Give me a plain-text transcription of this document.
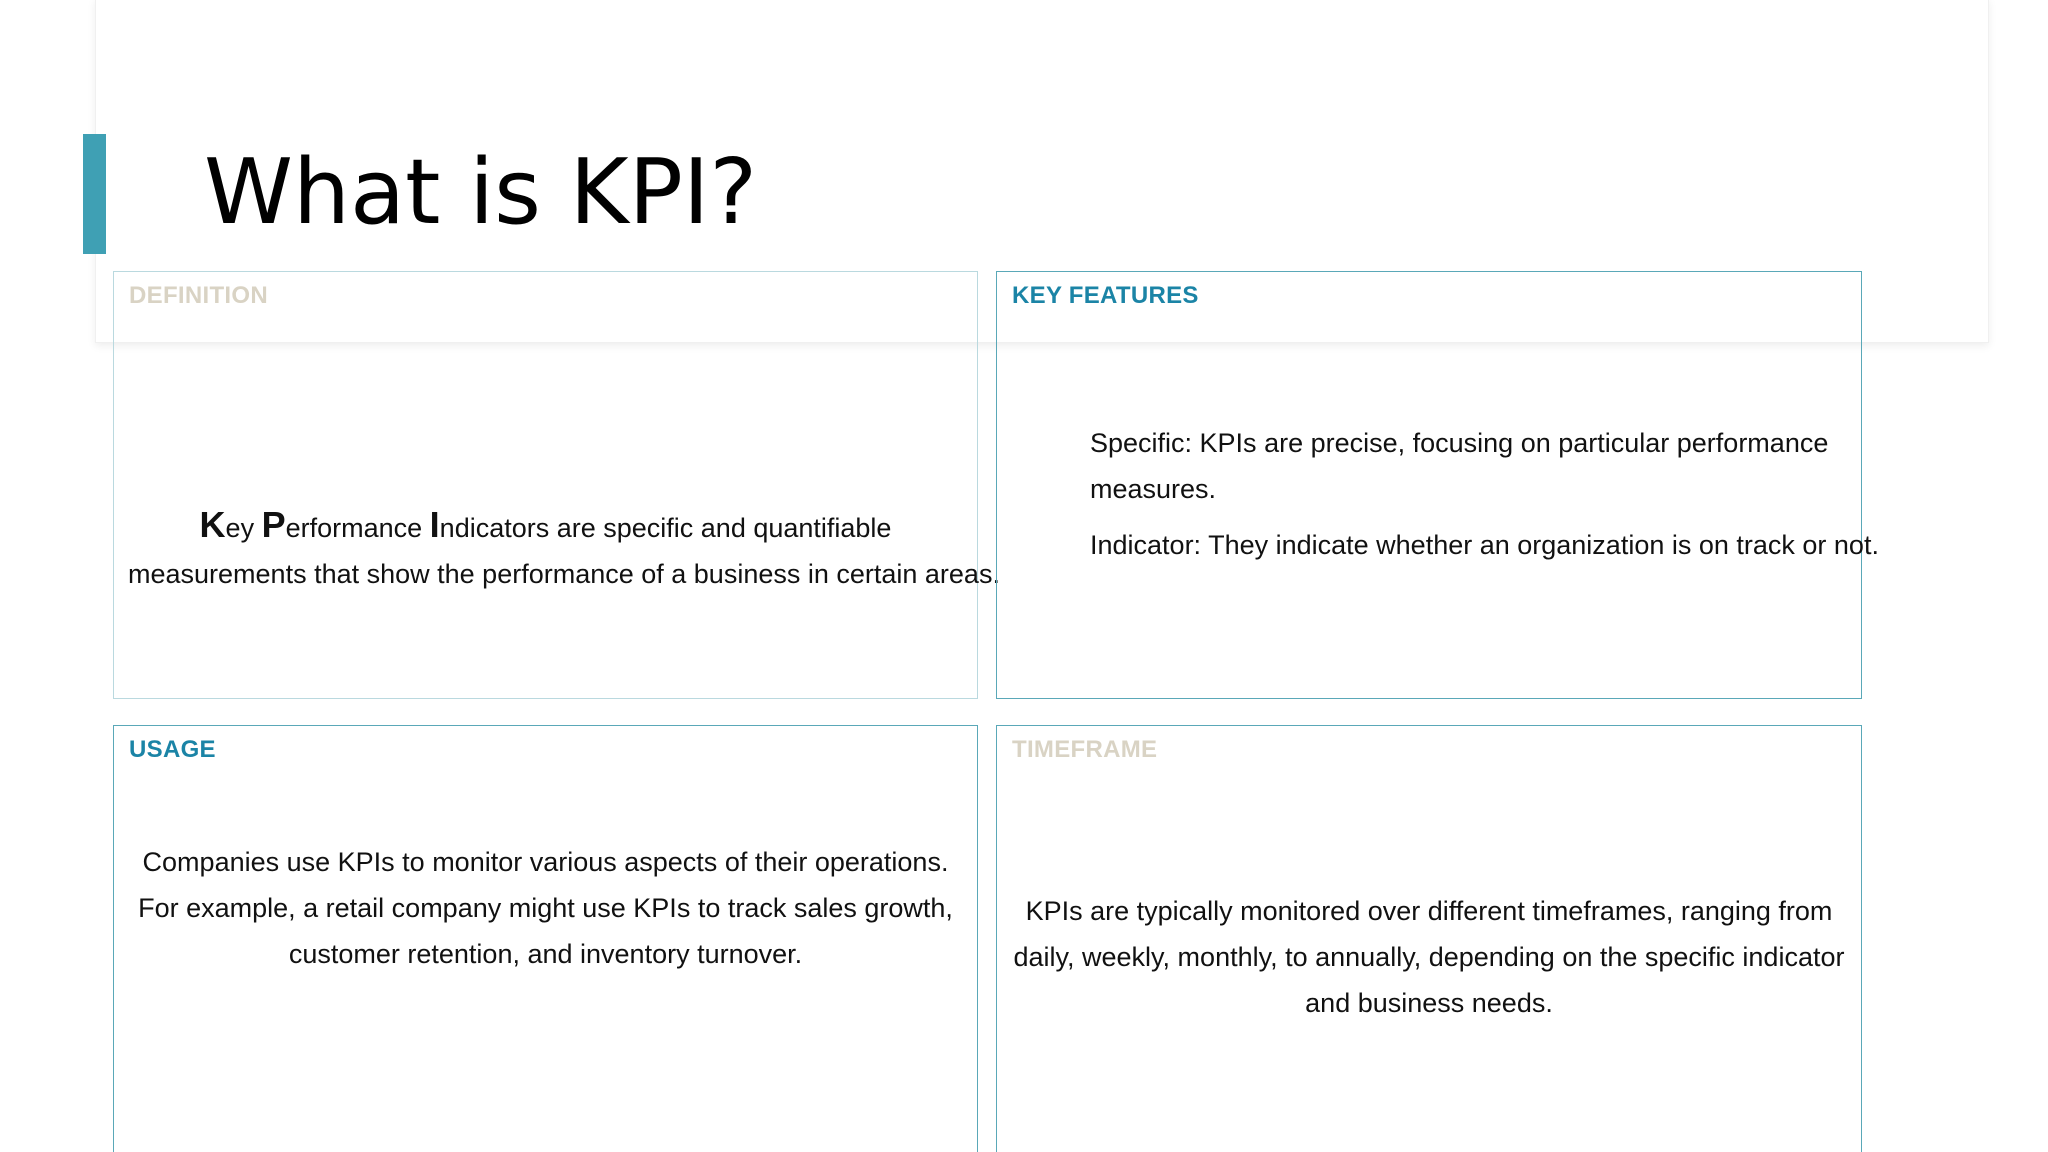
What is KPI?
DEFINITION

Key Performance Indicators are specific and quantifiable

measurements that show the performance of a business in certain areas.

KEY FEATURES

Specific: KPIs are precise, focusing on particular performance measures.

Indicator: They indicate whether an organization is on track or not.

USAGE
Companies use KPIs to monitor various aspects of their operations. For example, a retail company might use KPIs to track sales growth, customer retention, and inventory turnover.
TIMEFRAME
KPIs are typically monitored over different timeframes, ranging from daily, weekly, monthly, to annually, depending on the specific indicator and business needs.
